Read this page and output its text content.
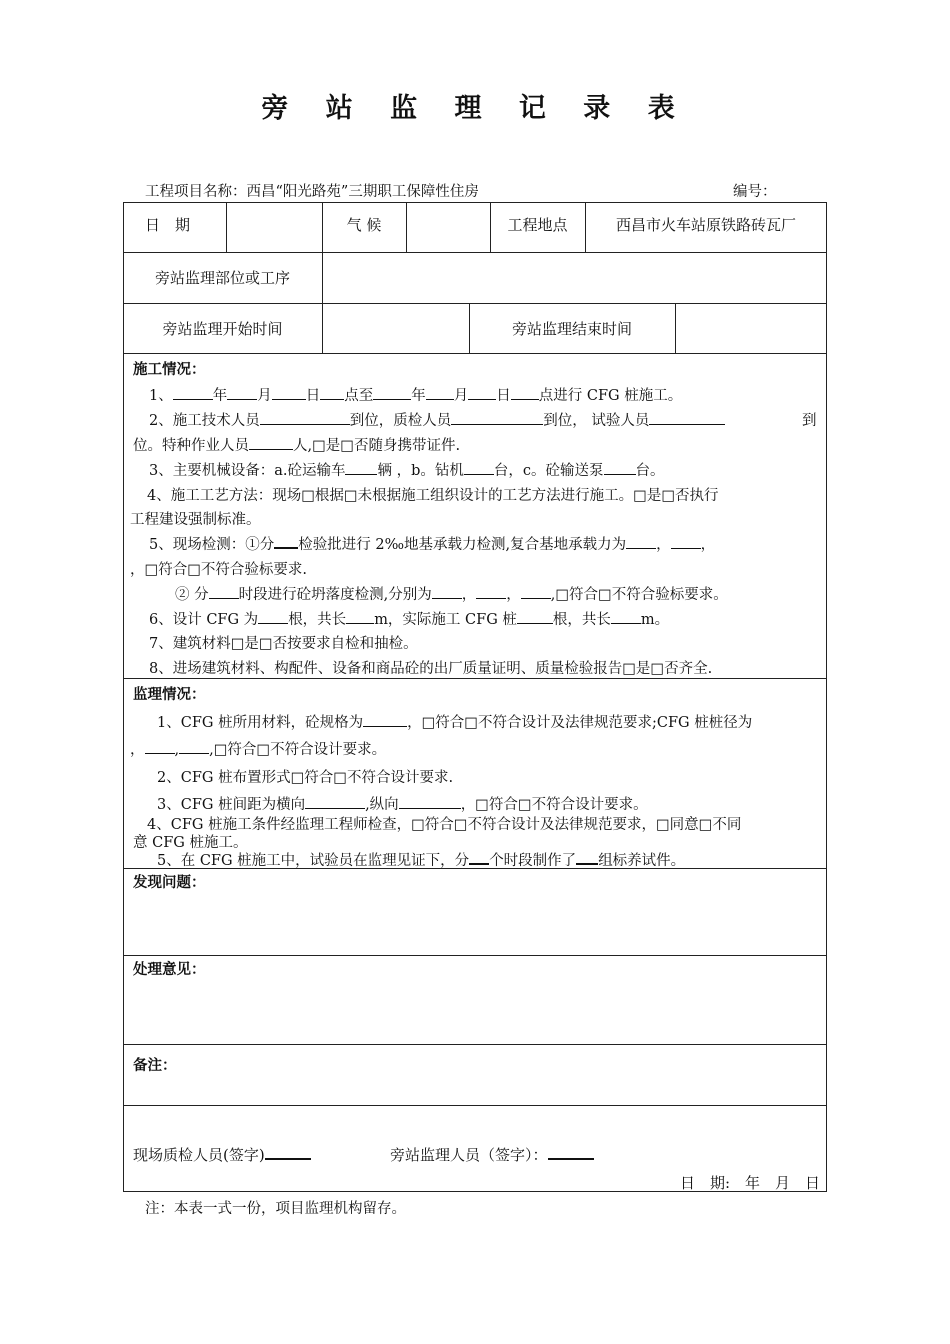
旁 站 监 理 记 录 表
工程项目名称：西昌“阳光路苑”三期职工保障性住房	编号：
日　期	气 候	工程地点	西昌市火车站原铁路砖瓦厂
旁站监理部位或工序
旁站监理开始时间	旁站监理结束时间
施工情况：
1、	年 月 日 点至	年 月 日 点进行 CFG 桩施工。
2、施工技术人员	到位，质检人员	到位， 试验人员	到
位。特种作业人员	人,□是□否随身携带证件.
3、主要机械设备：a.砼运输车 辆 ，b。钻机 台，c。砼输送泵 台。
4、施工工艺方法：现场□根据□未根据施工组织设计的工艺方法进行施工。□是□否执行
工程建设强制标准。
5、现场检测：①分 检验批进行 2‰地基承载力检测,复合基地承载力为 ， ，
，□符合□不符合验标要求.
② 分 时段进行砼坍落度检测,分别为 ， ， ,□符合□不符合验标要求。
6、设计 CFG 为 根，共长 m，实际施工 CFG 桩 根，共长 m。
7、建筑材料□是□否按要求自检和抽检。
8、进场建筑材料、构配件、设备和商品砼的出厂质量证明、质量检验报告□是□否齐全.
监理情况：
1、CFG 桩所用材料，砼规格为	，□符合□不符合设计及法律规范要求;CFG 桩桩径为
， , ,□符合□不符合设计要求。
2、CFG 桩布置形式□符合□不符合设计要求.
3、CFG 桩间距为横向	,纵向	，□符合□不符合设计要求。
4、CFG 桩施工条件经监理工程师检查，□符合□不符合设计及法律规范要求，□同意□不同
意 CFG 桩施工。
5、在 CFG 桩施工中，试验员在监理见证下，分 个时段制作了 组标养试件。
发现问题：
处理意见：
备注：
现场质检人员(签字)	旁站监理人员（签字）：
日　期:　年　月　日
注：本表一式一份，项目监理机构留存。
